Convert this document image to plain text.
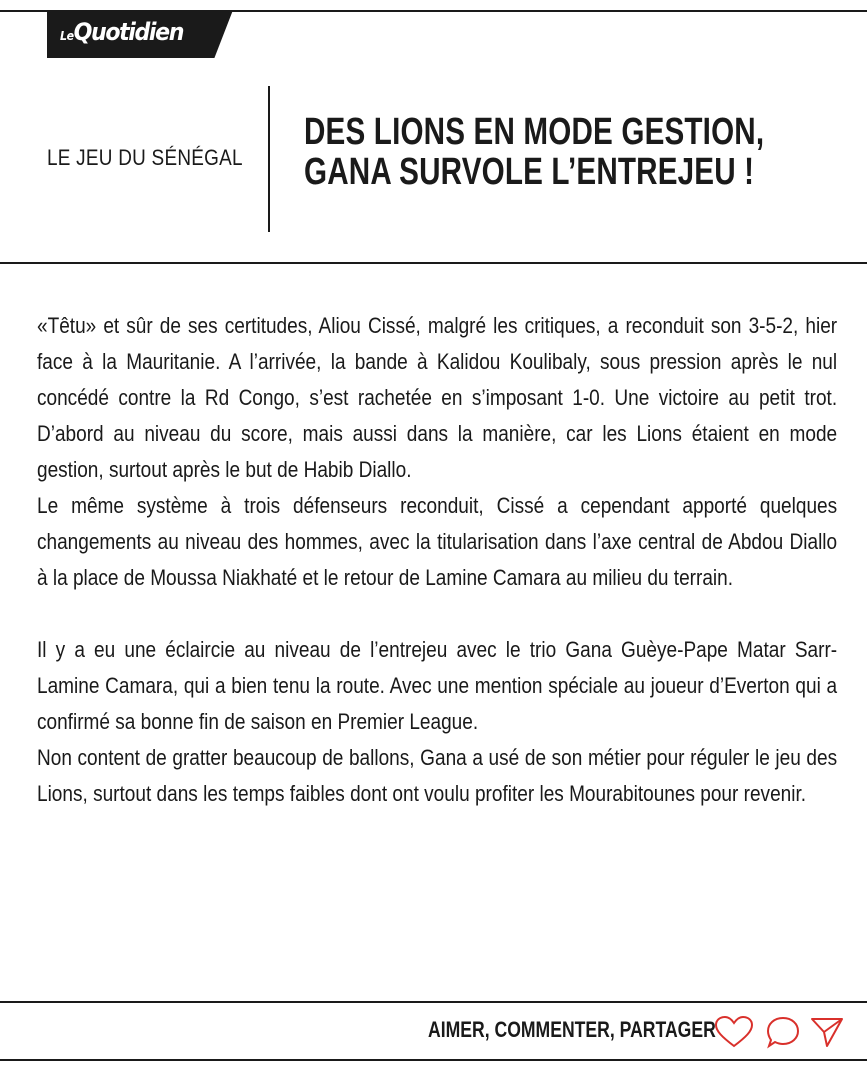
LeQuotidien
LE JEU DU SÉNÉGAL
DES LIONS EN MODE GESTION,
GANA SURVOLE L’ENTREJEU !

«Têtu» et sûr de ses certitudes, Aliou Cissé, malgré les critiques, a reconduit son 3-5-2, hier face à la Mauritanie. A l’arrivée, la bande à Kalidou Koulibaly, sous pression après le nul concédé contre la Rd Congo, s’est rachetée en s’imposant 1-0. Une victoire au petit trot. D’abord au niveau du score, mais aussi dans la manière, car les Lions étaient en mode gestion, surtout après le but de Habib Diallo.

Le même système à trois défenseurs reconduit, Cissé a cependant apporté quelques changements au niveau des hommes, avec la titularisation dans l’axe central de Abdou Diallo à la place de Moussa Niakhaté et le retour de Lamine Camara au milieu du terrain.

Il y a eu une éclaircie au niveau de l’entrejeu avec le trio Gana Guèye-Pape Matar Sarr-Lamine Camara, qui a bien tenu la route. Avec une mention spéciale au joueur d’Everton qui a confirmé sa bonne fin de saison en Premier League.

Non content de gratter beaucoup de ballons, Gana a usé de son métier pour réguler le jeu des Lions, surtout dans les temps faibles dont ont voulu profiter les Mourabitounes pour revenir.

AIMER, COMMENTER, PARTAGER
